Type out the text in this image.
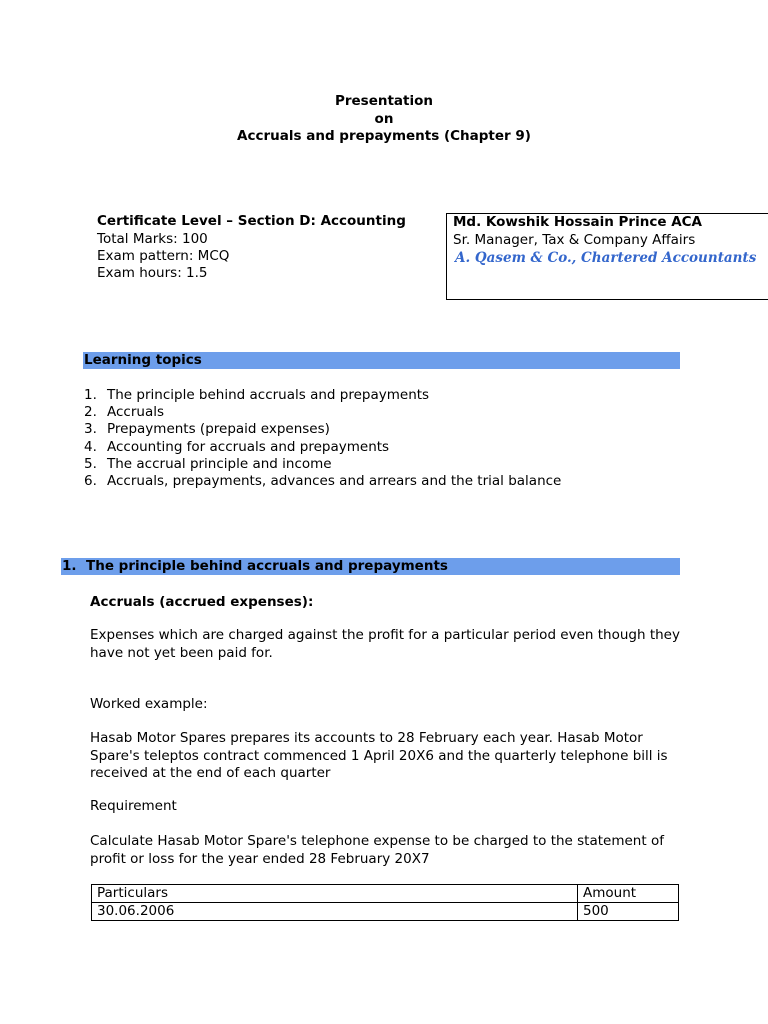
Presentation
on
Accruals and prepayments (Chapter 9)
Certificate Level – Section D: Accounting
Total Marks: 100
Exam pattern: MCQ
Exam hours: 1.5
Md. Kowshik Hossain Prince ACA
Sr. Manager, Tax & Company Affairs
A. Qasem & Co., Chartered Accountants
Learning topics
1. The principle behind accruals and prepayments
2. Accruals
3. Prepayments (prepaid expenses)
4. Accounting for accruals and prepayments
5. The accrual principle and income
6. Accruals, prepayments, advances and arrears and the trial balance
1. The principle behind accruals and prepayments
Accruals (accrued expenses):
Expenses which are charged against the profit for a particular period even though they have not yet been paid for.
Worked example:
Hasab Motor Spares prepares its accounts to 28 February each year. Hasab Motor Spare's teleptos contract commenced 1 April 20X6 and the quarterly telephone bill is received at the end of each quarter
Requirement
Calculate Hasab Motor Spare's telephone expense to be charged to the statement of profit or loss for the year ended 28 February 20X7
Particulars	Amount
30.06.2006	500
